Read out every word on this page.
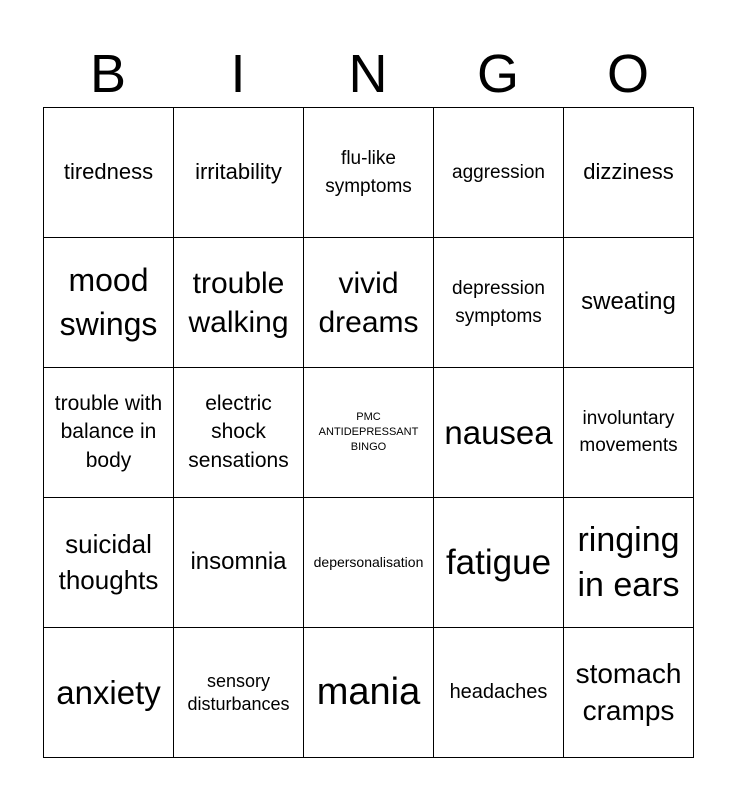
B	I	N	G	O
tiredness	irritability	flu-like symptoms	aggression	dizziness
mood swings	trouble walking	vivid dreams	depression symptoms	sweating
trouble with balance in body	electric shock sensations	PMC ANTIDEPRESSANT BINGO	nausea	involuntary movements
suicidal thoughts	insomnia	depersonalisation	fatigue	ringing in ears
anxiety	sensory disturbances	mania	headaches	stomach cramps
